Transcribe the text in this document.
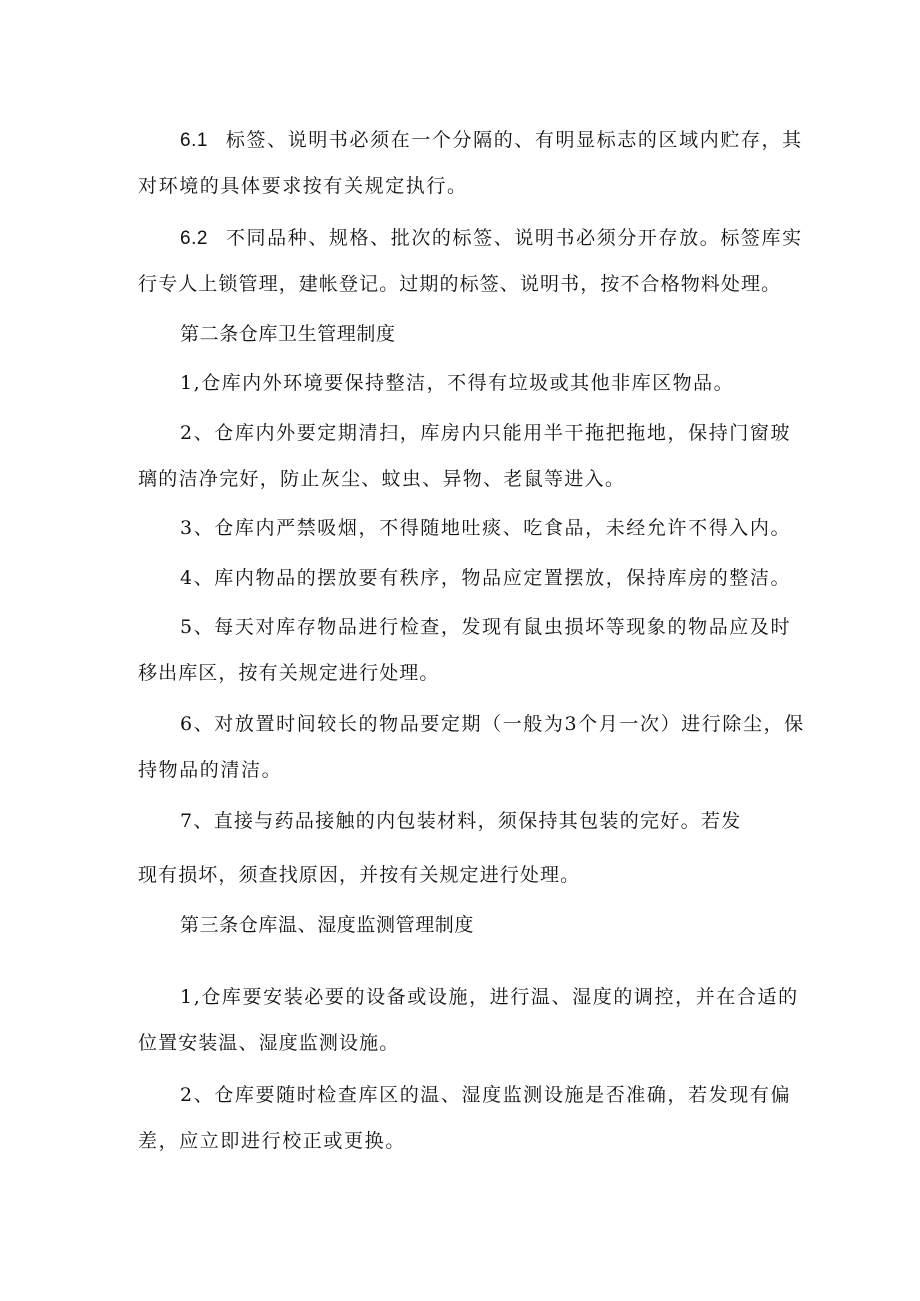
6.1 标签、说明书必须在一个分隔的、有明显标志的区域内贮存，其
对环境的具体要求按有关规定执行。
6.2 不同品种、规格、批次的标签、说明书必须分开存放。标签库实
行专人上锁管理，建帐登记。过期的标签、说明书，按不合格物料处理。
第二条仓库卫生管理制度
1,仓库内外环境要保持整洁，不得有垃圾或其他非库区物品。
2、仓库内外要定期清扫，库房内只能用半干拖把拖地，保持门窗玻
璃的洁净完好，防止灰尘、蚊虫、异物、老鼠等进入。
3、仓库内严禁吸烟，不得随地吐痰、吃食品，未经允许不得入内。
4、库内物品的摆放要有秩序，物品应定置摆放，保持库房的整洁。
5、每天对库存物品进行检查，发现有鼠虫损坏等现象的物品应及时
移出库区，按有关规定进行处理。
6、对放置时间较长的物品要定期（一般为3个月一次）进行除尘，保
持物品的清洁。
7、直接与药品接触的内包装材料，须保持其包装的完好。若发
现有损坏，须查找原因，并按有关规定进行处理。
第三条仓库温、湿度监测管理制度
1,仓库要安装必要的设备或设施，进行温、湿度的调控，并在合适的
位置安装温、湿度监测设施。
2、仓库要随时检查库区的温、湿度监测设施是否准确，若发现有偏
差，应立即进行校正或更换。
